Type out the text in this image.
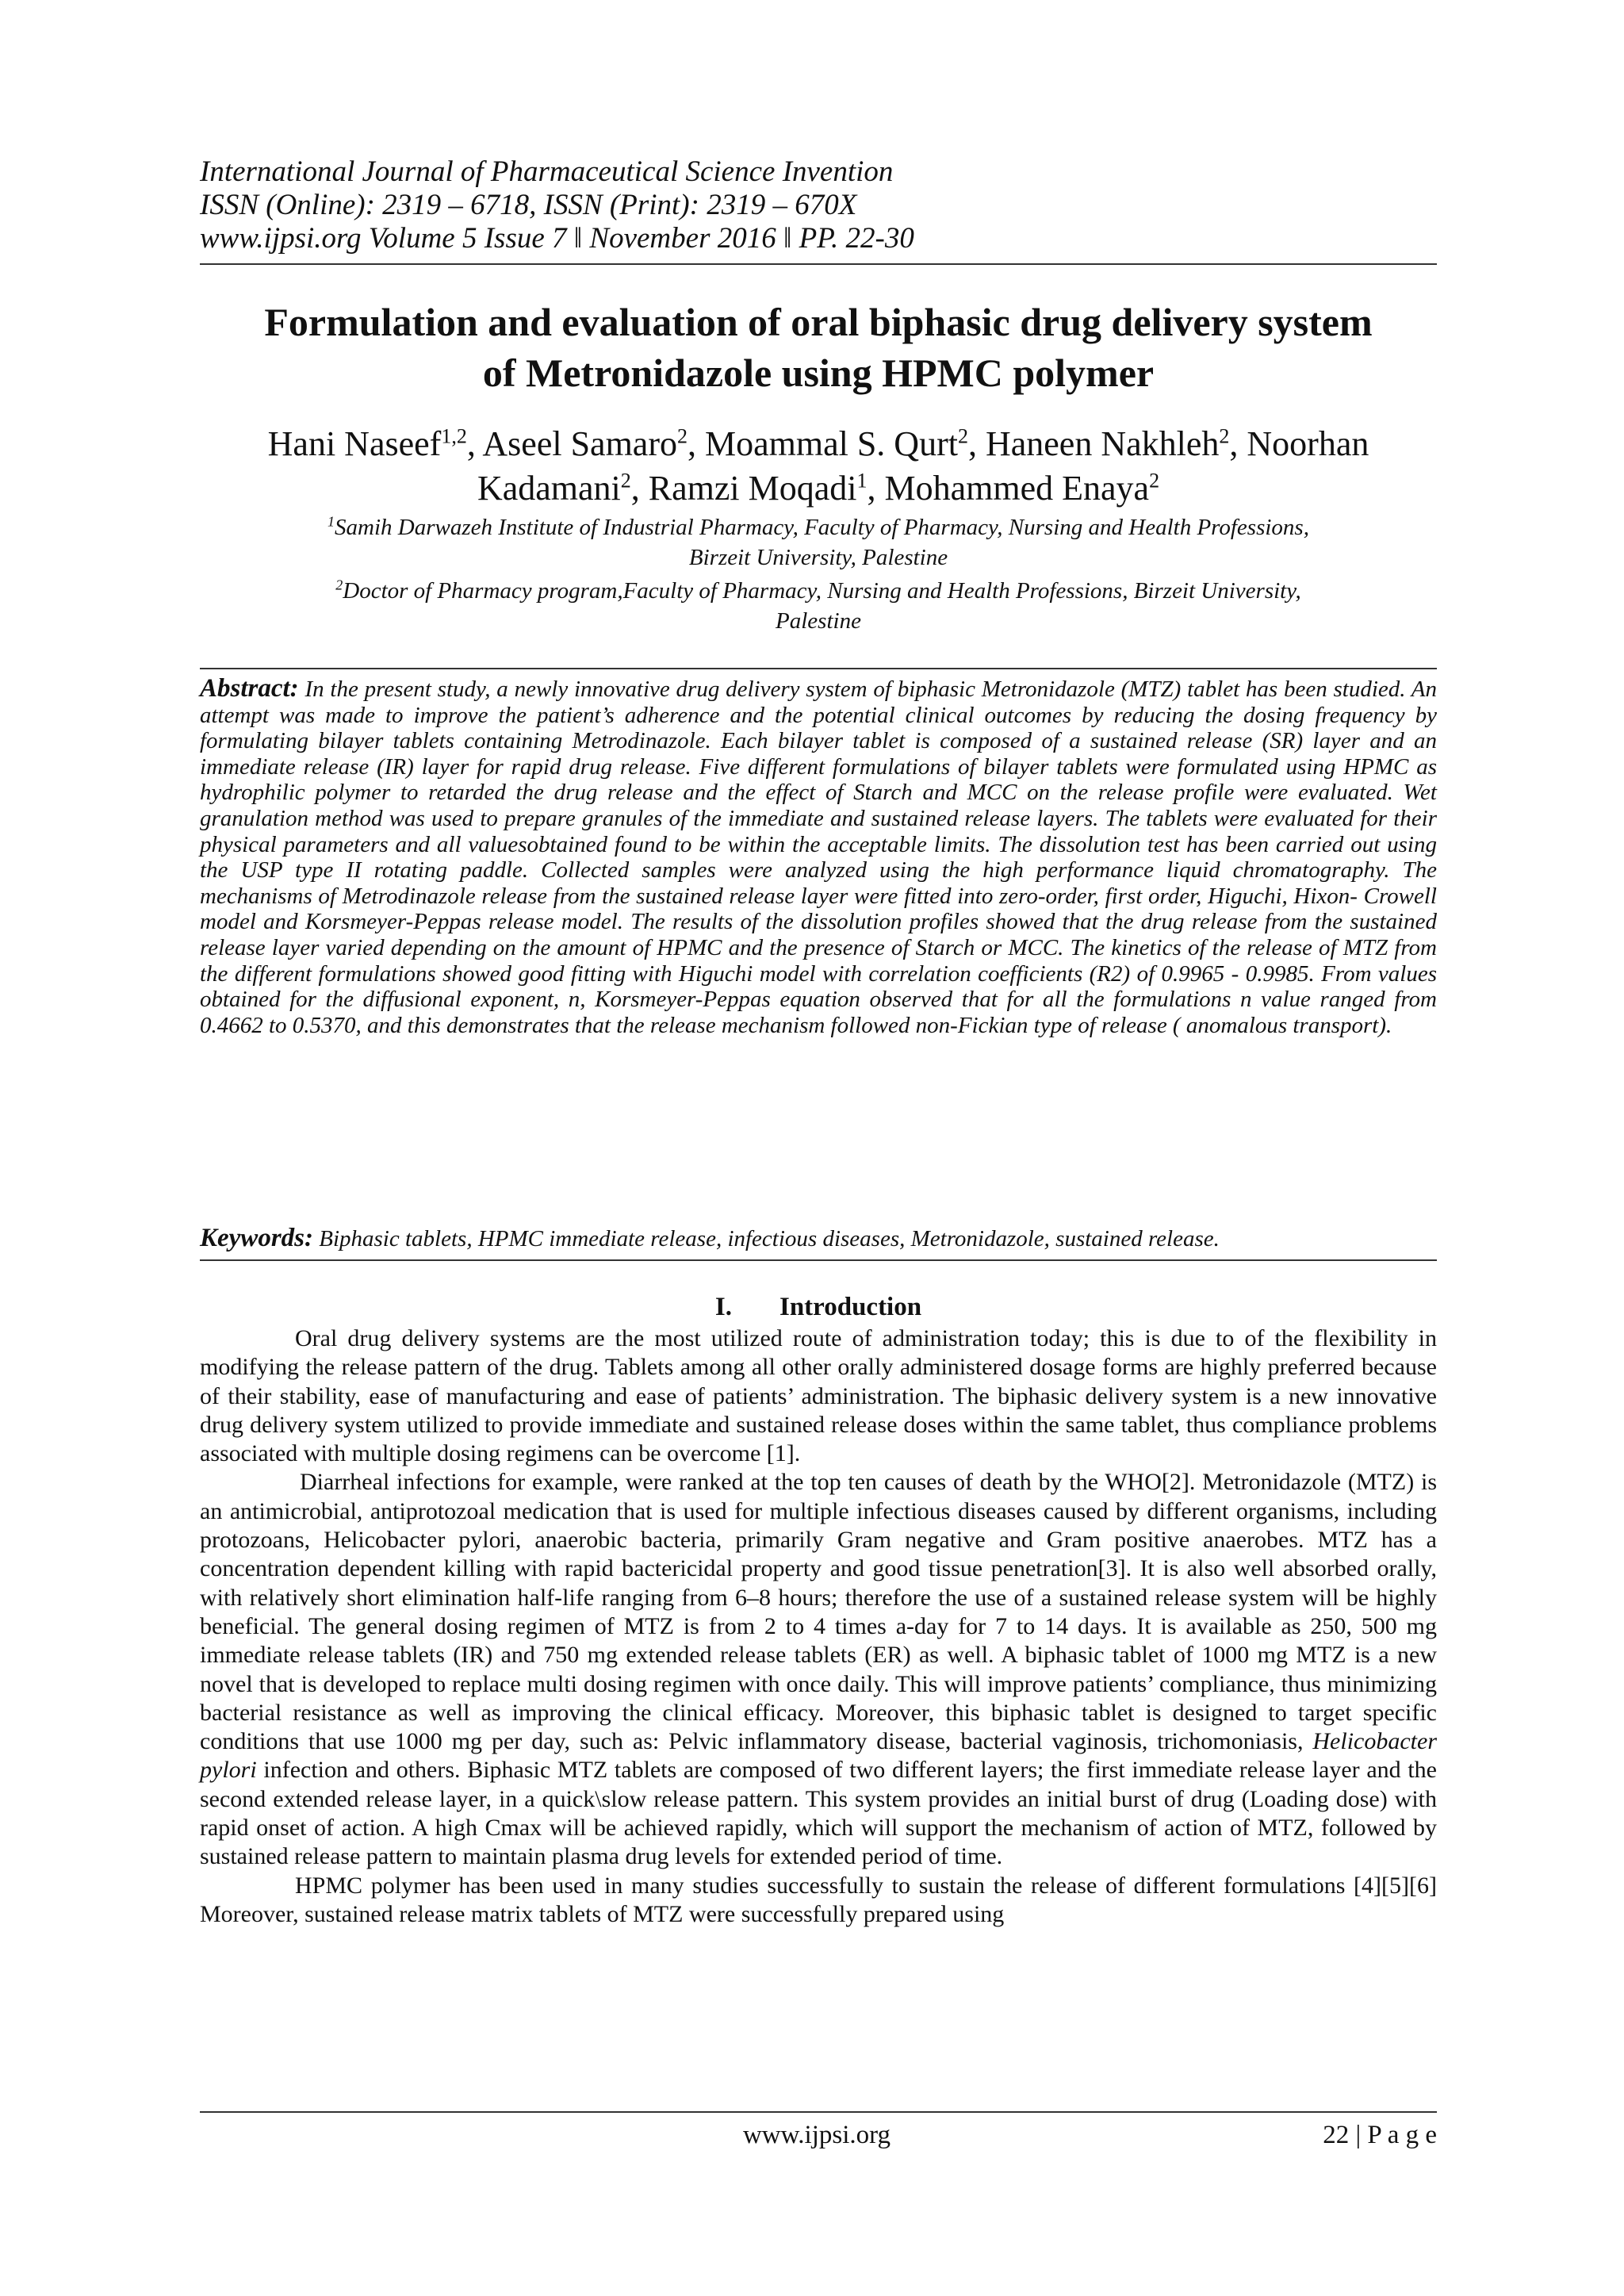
International Journal of Pharmaceutical Science Invention
ISSN (Online): 2319 – 6718, ISSN (Print): 2319 – 670X
www.ijpsi.org Volume 5 Issue 7 ǁ November 2016 ǁ PP. 22-30
Formulation and evaluation of oral biphasic drug delivery system
of Metronidazole using HPMC polymer
Hani Naseef$^{1,2}$, Aseel Samaro$^2$, Moammal S. Qurt$^2$, Haneen Nakhleh$^2$, Noorhan Kadamani$^2$, Ramzi Moqadi$^1$, Mohammed Enaya$^2$
$^1$Samih Darwazeh Institute of Industrial Pharmacy, Faculty of Pharmacy, Nursing and Health Professions,
Birzeit University, Palestine
$^2$Doctor of Pharmacy program,Faculty of Pharmacy, Nursing and Health Professions, Birzeit University,
Palestine
Abstract: In the present study, a newly innovative drug delivery system of biphasic Metronidazole (MTZ) tablet has been studied. An attempt was made to improve the patient’s adherence and the potential clinical outcomes by reducing the dosing frequency by formulating bilayer tablets containing Metrodinazole. Each bilayer tablet is composed of a sustained release (SR) layer and an immediate release (IR) layer for rapid drug release. Five different formulations of bilayer tablets were formulated using HPMC as hydrophilic polymer to retarded the drug release and the effect of Starch and MCC on the release profile were evaluated. Wet granulation method was used to prepare granules of the immediate and sustained release layers. The tablets were evaluated for their physical parameters and all valuesobtained found to be within the acceptable limits. The dissolution test has been carried out using the USP type II rotating paddle. Collected samples were analyzed using the high performance liquid chromatography. The mechanisms of Metrodinazole release from the sustained release layer were fitted into zero-order, first order, Higuchi, Hixon- Crowell model and Korsmeyer-Peppas release model. The results of the dissolution profiles showed that the drug release from the sustained release layer varied depending on the amount of HPMC and the presence of Starch or MCC. The kinetics of the release of MTZ from the different formulations showed good fitting with Higuchi model with correlation coefficients (R2) of 0.9965 - 0.9985. From values obtained for the diffusional exponent, n, Korsmeyer-Peppas equation observed that for all the formulations n value ranged from 0.4662 to 0.5370, and this demonstrates that the release mechanism followed non-Fickian type of release ( anomalous transport).
Keywords: Biphasic tablets, HPMC immediate release, infectious diseases, Metronidazole, sustained release.
I. Introduction

Oral drug delivery systems are the most utilized route of administration today; this is due to of the flexibility in modifying the release pattern of the drug. Tablets among all other orally administered dosage forms are highly preferred because of their stability, ease of manufacturing and ease of patients’ administration. The biphasic delivery system is a new innovative drug delivery system utilized to provide immediate and sustained release doses within the same tablet, thus compliance problems associated with multiple dosing regimens can be overcome [1].

Diarrheal infections for example, were ranked at the top ten causes of death by the WHO[2]. Metronidazole (MTZ) is an antimicrobial, antiprotozoal medication that is used for multiple infectious diseases caused by different organisms, including protozoans, Helicobacter pylori, anaerobic bacteria, primarily Gram negative and Gram positive anaerobes. MTZ has a concentration dependent killing with rapid bactericidal property and good tissue penetration[3]. It is also well absorbed orally, with relatively short elimination half-life ranging from 6–8 hours; therefore the use of a sustained release system will be highly beneficial. The general dosing regimen of MTZ is from 2 to 4 times a-day for 7 to 14 days. It is available as 250, 500 mg immediate release tablets (IR) and 750 mg extended release tablets (ER) as well. A biphasic tablet of 1000 mg MTZ is a new novel that is developed to replace multi dosing regimen with once daily. This will improve patients’ compliance, thus minimizing bacterial resistance as well as improving the clinical efficacy. Moreover, this biphasic tablet is designed to target specific conditions that use 1000 mg per day, such as: Pelvic inflammatory disease, bacterial vaginosis, trichomoniasis, Helicobacter pylori infection and others. Biphasic MTZ tablets are composed of two different layers; the first immediate release layer and the second extended release layer, in a quick\slow release pattern. This system provides an initial burst of drug (Loading dose) with rapid onset of action. A high Cmax will be achieved rapidly, which will support the mechanism of action of MTZ, followed by sustained release pattern to maintain plasma drug levels for extended period of time.

HPMC polymer has been used in many studies successfully to sustain the release of different formulations [4][5][6] Moreover, sustained release matrix tablets of MTZ were successfully prepared using

www.ijpsi.org	22 | P a g e
